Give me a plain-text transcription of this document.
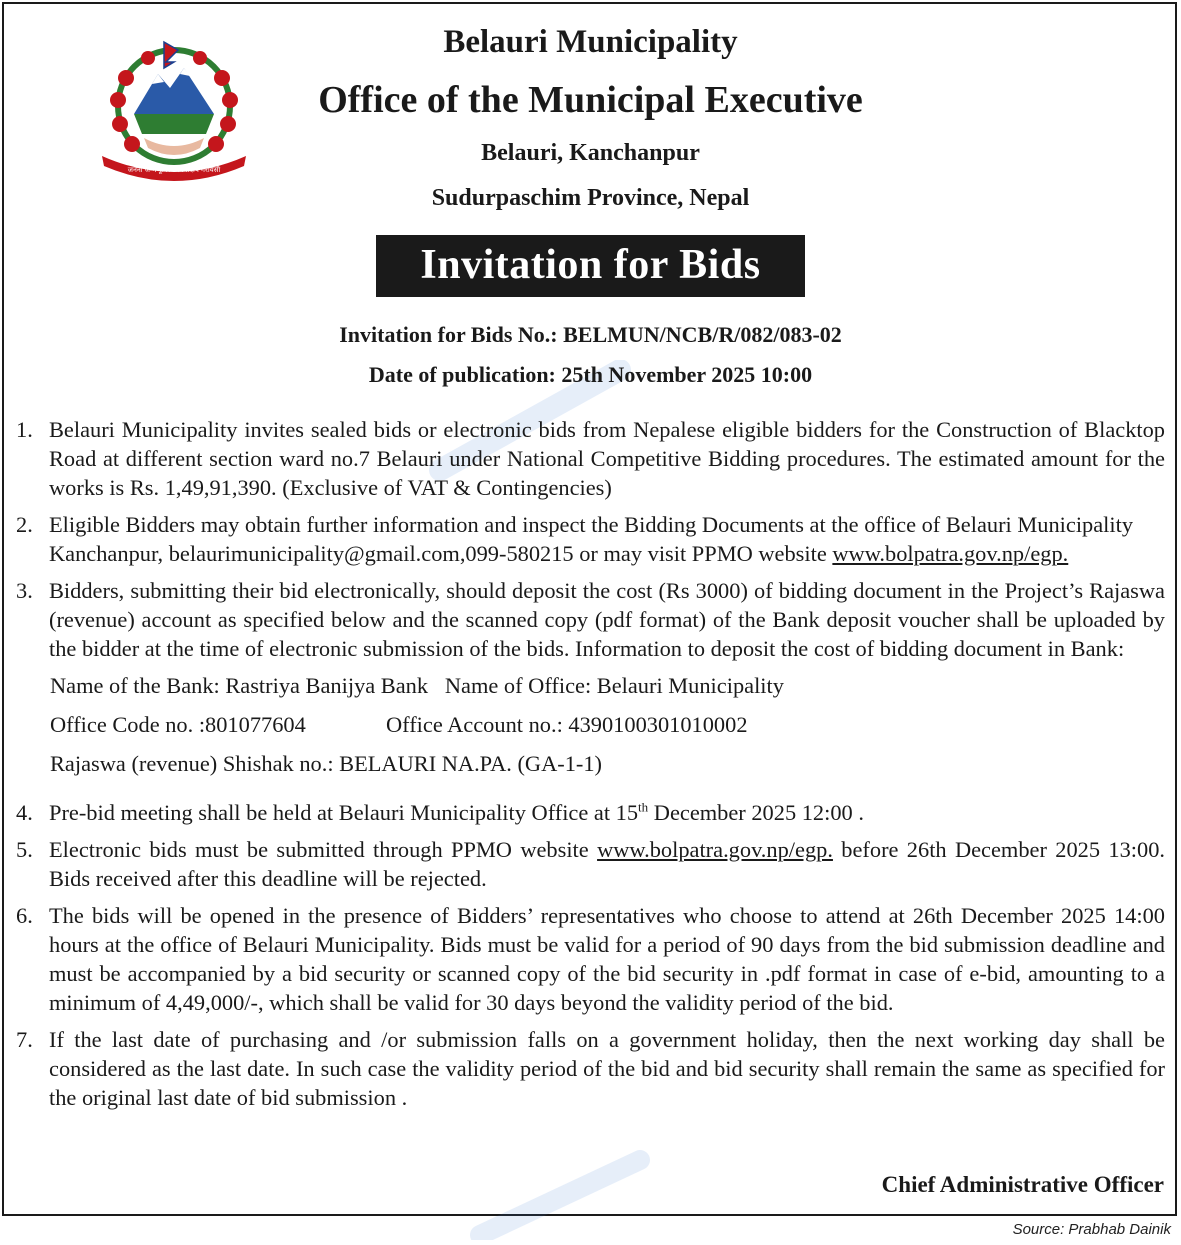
जननी जन्मभूमिश्च स्वर्गादपि गरीयसी
Belauri Municipality
Office of the Municipal Executive
Belauri, Kanchanpur
Sudurpaschim Province, Nepal
Invitation for Bids
Invitation for Bids No.: BELMUN/NCB/R/082/083-02
Date of publication: 25th November 2025 10:00
1. Belauri Municipality invites sealed bids or electronic bids from Nepalese eligible bidders for the Construction of Blacktop Road at different section ward no.7 Belauri under National Competitive Bidding procedures. The estimated amount for the works is Rs. 1,49,91,390. (Exclusive of VAT & Contingencies)
2. Eligible Bidders may obtain further information and inspect the Bidding Documents at the office of Belauri Municipality Kanchanpur, belaurimunicipality@gmail.com,099-580215 or may visit PPMO website www.bolpatra.gov.np/egp.
3. Bidders, submitting their bid electronically, should deposit the cost (Rs 3000) of bidding document in the Project’s Rajaswa (revenue) account as specified below and the scanned copy (pdf format) of the Bank deposit voucher shall be uploaded by the bidder at the time of electronic submission of the bids. Information to deposit the cost of bidding document in Bank:
Name of the Bank: Rastriya Banijya Bank Name of Office: Belauri Municipality
Office Code no. :801077604	Office Account no.: 4390100301010002
Rajaswa (revenue) Shishak no.: BELAURI NA.PA. (GA-1-1)
4. Pre-bid meeting shall be held at Belauri Municipality Office at 15th December 2025 12:00 .
5. Electronic bids must be submitted through PPMO website www.bolpatra.gov.np/egp. before 26th December 2025 13:00. Bids received after this deadline will be rejected.
6. The bids will be opened in the presence of Bidders’ representatives who choose to attend at 26th December 2025 14:00 hours at the office of Belauri Municipality. Bids must be valid for a period of 90 days from the bid submission deadline and must be accompanied by a bid security or scanned copy of the bid security in .pdf format in case of e-bid, amounting to a minimum of 4,49,000/-, which shall be valid for 30 days beyond the validity period of the bid.
7. If the last date of purchasing and /or submission falls on a government holiday, then the next working day shall be considered as the last date. In such case the validity period of the bid and bid security shall remain the same as specified for the original last date of bid submission .
Chief Administrative Officer
Source: Prabhab Dainik
